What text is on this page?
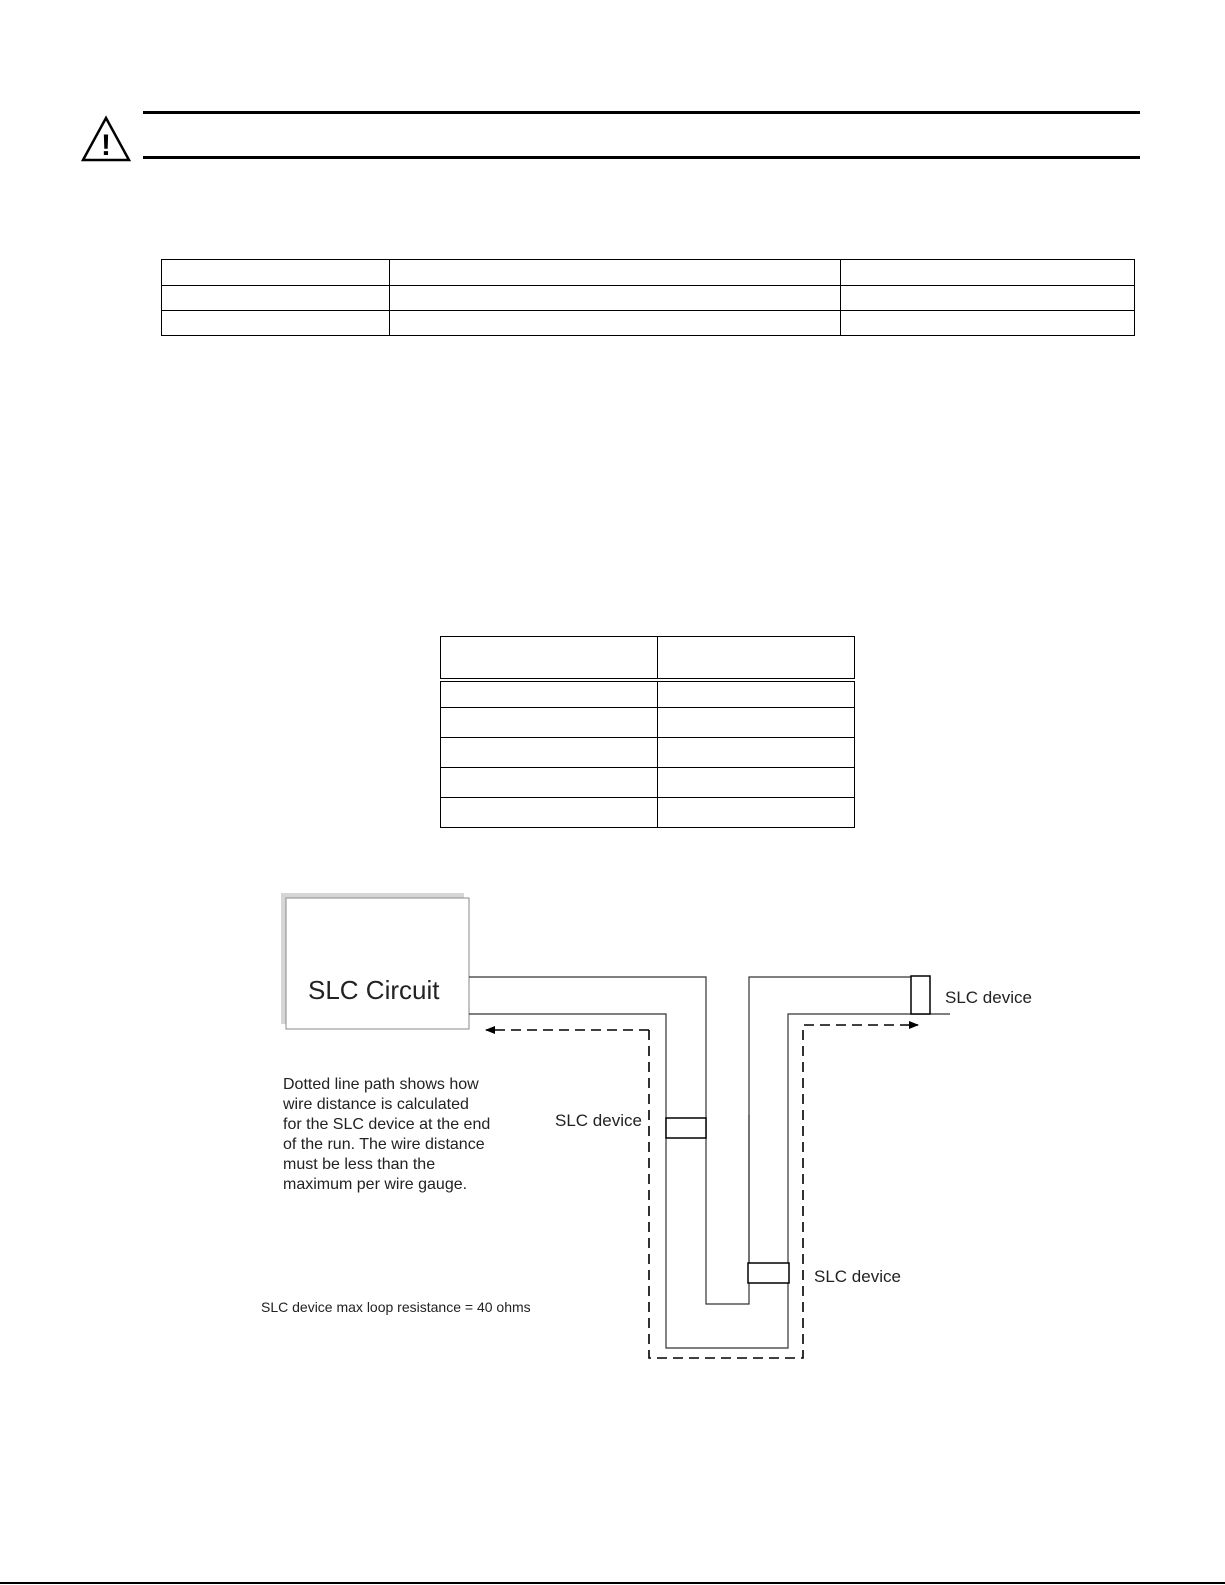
!

SLC Circuit	SLC device
SLC device
SLC device
Dotted line path shows how wire distance is calculated for the SLC device at the end of the run. The wire distance must be less than the maximum per wire gauge.
SLC device max loop resistance = 40 ohms
